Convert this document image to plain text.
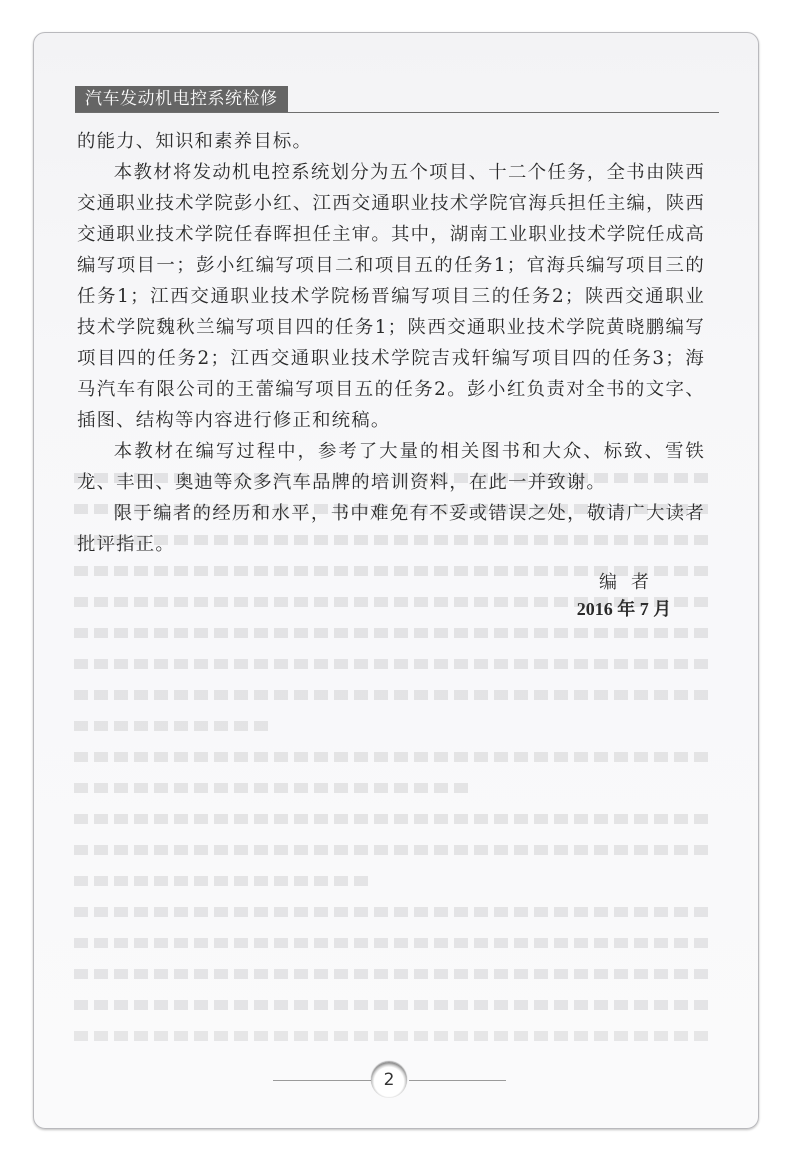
汽车发动机电控系统检修

的能力、知识和素养目标。

本教材将发动机电控系统划分为五个项目、十二个任务，全书由陕西交通职业技术学院彭小红、江西交通职业技术学院官海兵担任主编，陕西交通职业技术学院任春晖担任主审。其中，湖南工业职业技术学院任成高编写项目一；彭小红编写项目二和项目五的任务1；官海兵编写项目三的任务1；江西交通职业技术学院杨晋编写项目三的任务2；陕西交通职业技术学院魏秋兰编写项目四的任务1；陕西交通职业技术学院黄晓鹏编写项目四的任务2；江西交通职业技术学院吉戎轩编写项目四的任务3；海马汽车有限公司的王蕾编写项目五的任务2。彭小红负责对全书的文字、插图、结构等内容进行修正和统稿。

本教材在编写过程中，参考了大量的相关图书和大众、标致、雪铁龙、丰田、奥迪等众多汽车品牌的培训资料，在此一并致谢。

限于编者的经历和水平，书中难免有不妥或错误之处，敬请广大读者批评指正。

编者
2016 年 7 月
2
